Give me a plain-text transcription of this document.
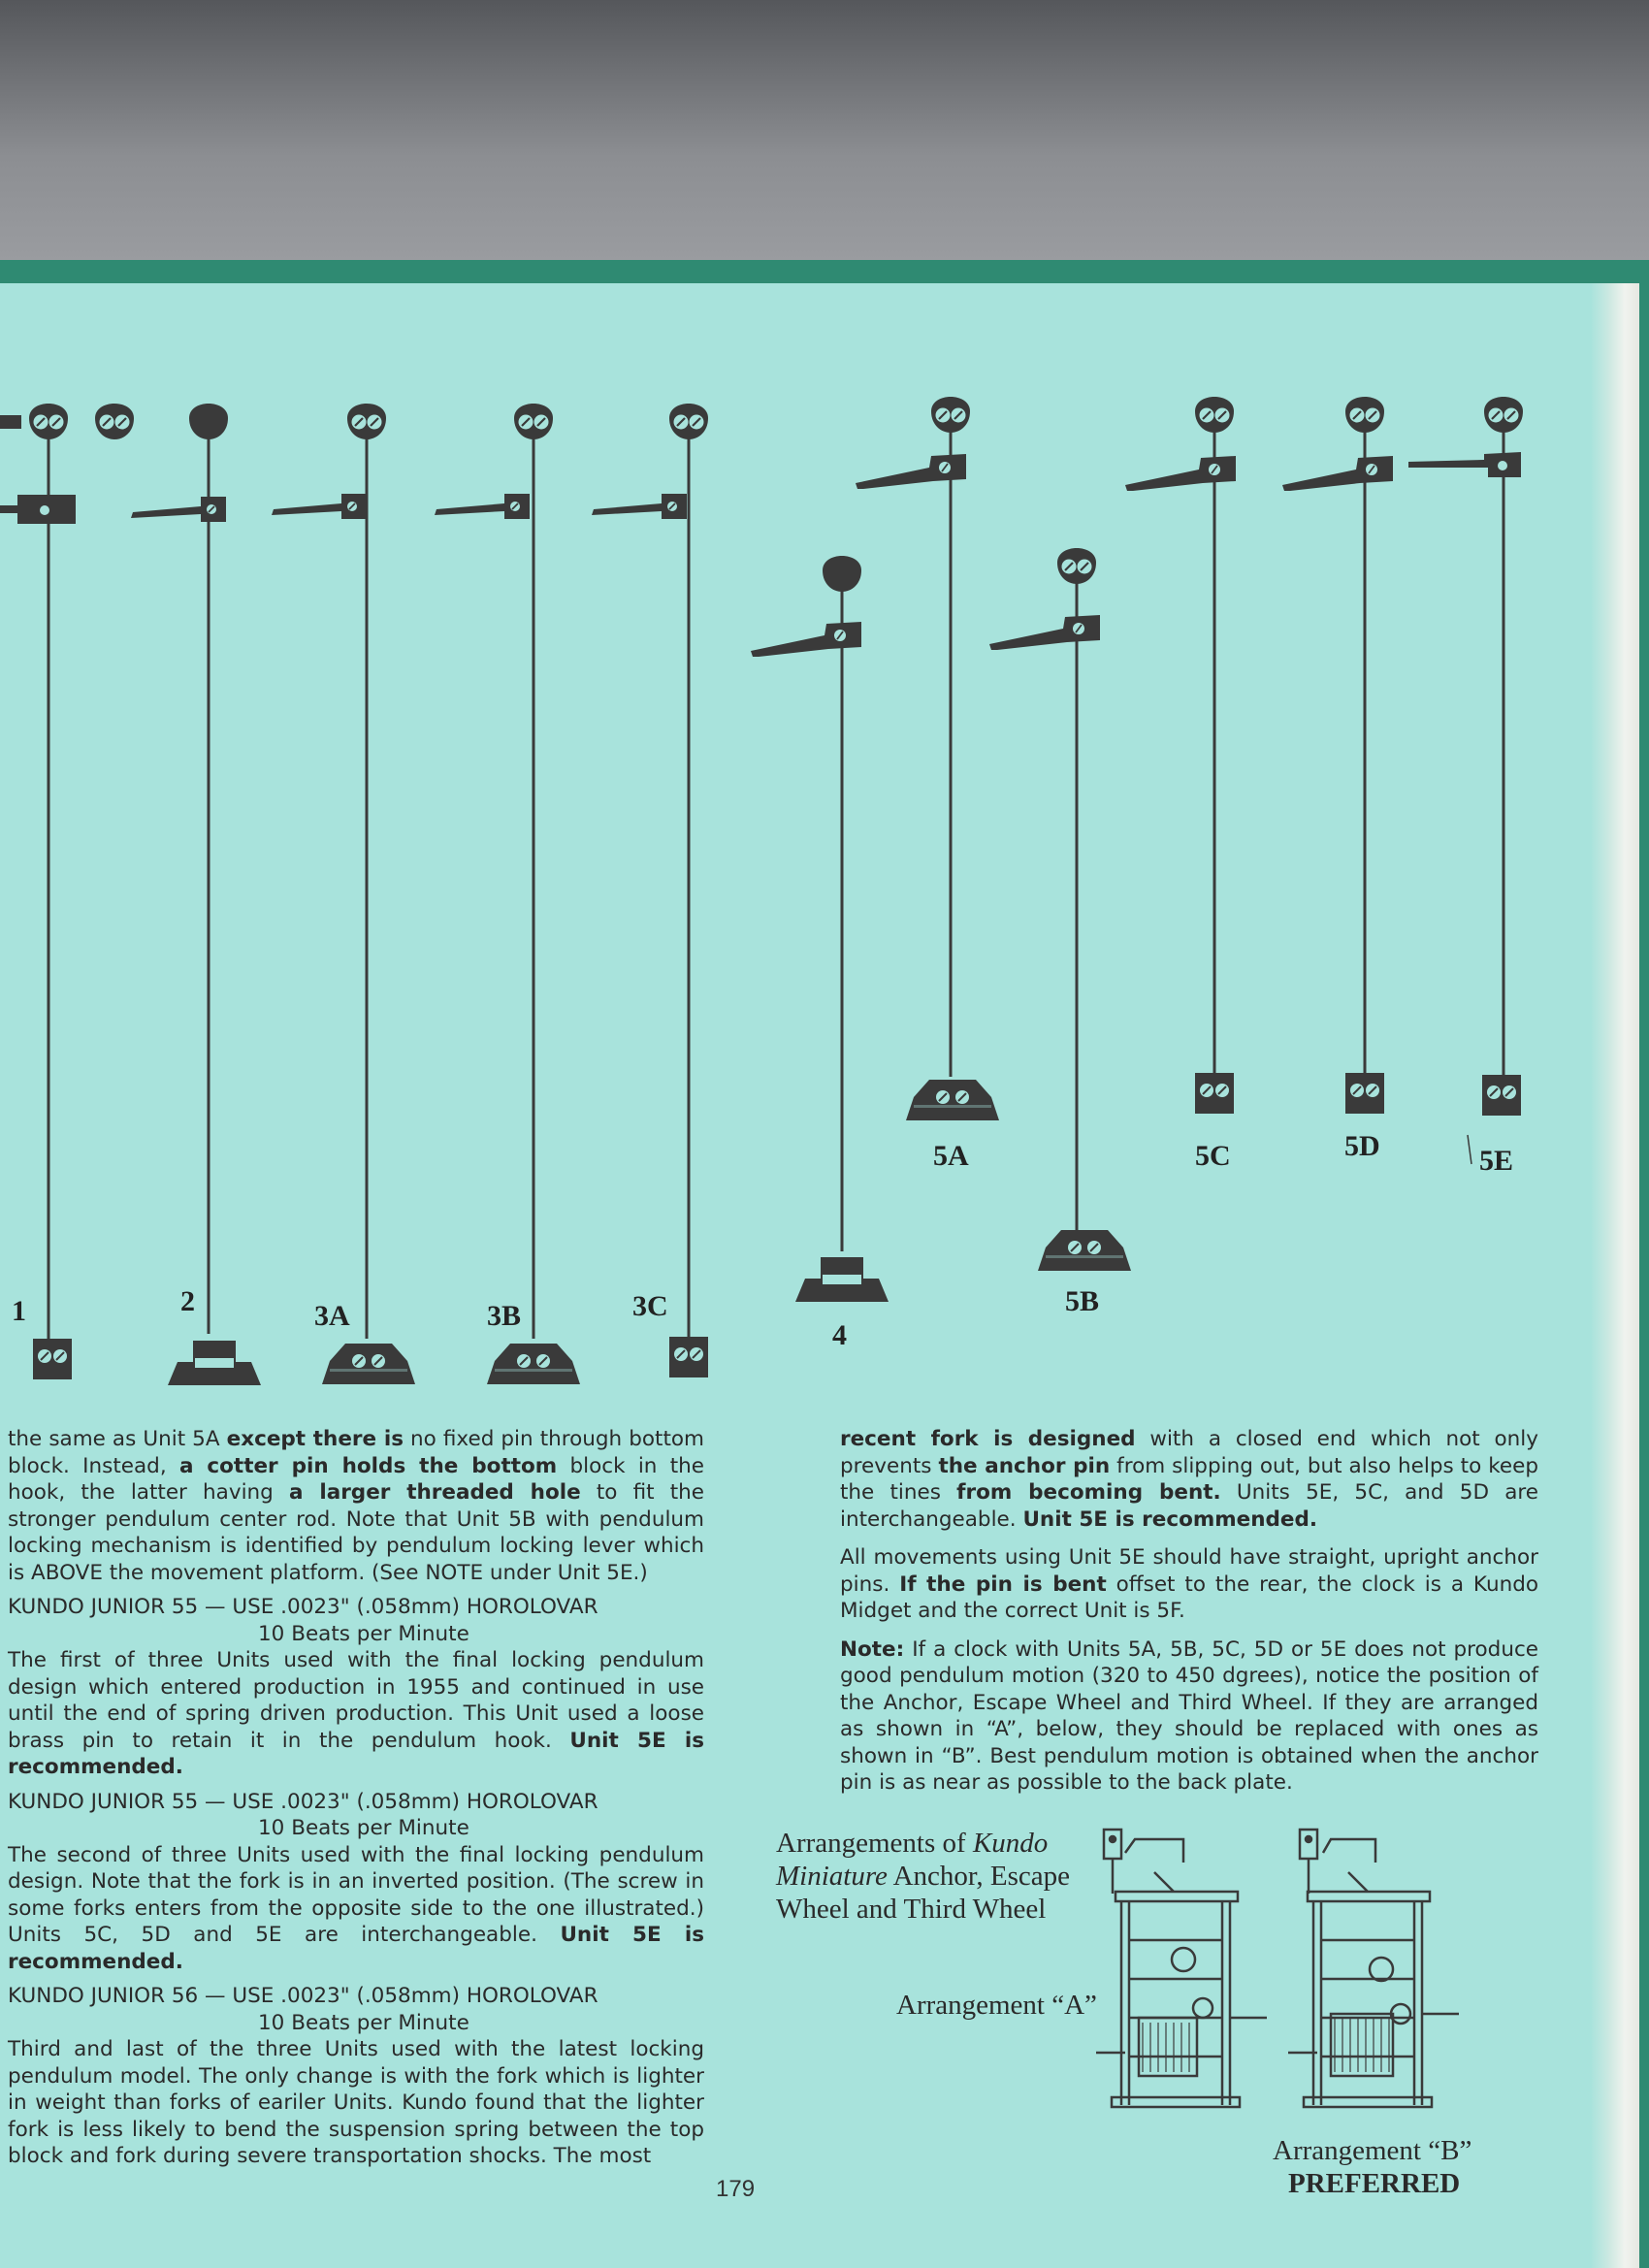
1	2	3A	3B	3C
4
5A
5B
5C	5D	5E

the same as Unit 5A except there is no fixed pin through bottom block. Instead, a cotter pin holds the bottom block in the hook, the latter having a larger threaded hole to fit the stronger pendulum center rod. Note that Unit 5B with pendulum locking mechanism is identified by pendulum locking lever which is ABOVE the movement platform. (See NOTE under Unit 5E.)

KUNDO JUNIOR 55 — USE .0023" (.058mm) HOROLOVAR
10 Beats per Minute

The first of three Units used with the final locking pendulum design which entered production in 1955 and continued in use until the end of spring driven production. This Unit used a loose brass pin to retain it in the pendulum hook. Unit 5E is recommended.

KUNDO JUNIOR 55 — USE .0023" (.058mm) HOROLOVAR
10 Beats per Minute

The second of three Units used with the final locking pendulum design. Note that the fork is in an inverted position. (The screw in some forks enters from the opposite side to the one illustrated.) Units 5C, 5D and 5E are interchangeable. Unit 5E is recommended.

KUNDO JUNIOR 56 — USE .0023" (.058mm) HOROLOVAR
10 Beats per Minute

Third and last of the three Units used with the latest locking pendulum model. The only change is with the fork which is lighter in weight than forks of eariler Units. Kundo found that the lighter fork is less likely to bend the suspension spring between the top block and fork during severe transportation shocks. The most

recent fork is designed with a closed end which not only prevents the anchor pin from slipping out, but also helps to keep the tines from becoming bent. Units 5E, 5C, and 5D are interchangeable. Unit 5E is recommended.

All movements using Unit 5E should have straight, upright anchor pins. If the pin is bent offset to the rear, the clock is a Kundo Midget and the correct Unit is 5F.

Note: If a clock with Units 5A, 5B, 5C, 5D or 5E does not produce good pendulum motion (320 to 450 dgrees), notice the position of the Anchor, Escape Wheel and Third Wheel. If they are arranged as shown in “A”, below, they should be replaced with ones as shown in “B”. Best pendulum motion is obtained when the anchor pin is as near as possible to the back plate.

Arrangements of Kundo
Miniature Anchor, Escape
Wheel and Third Wheel
Arrangement “A”
Arrangement “B”
PREFERRED
179
